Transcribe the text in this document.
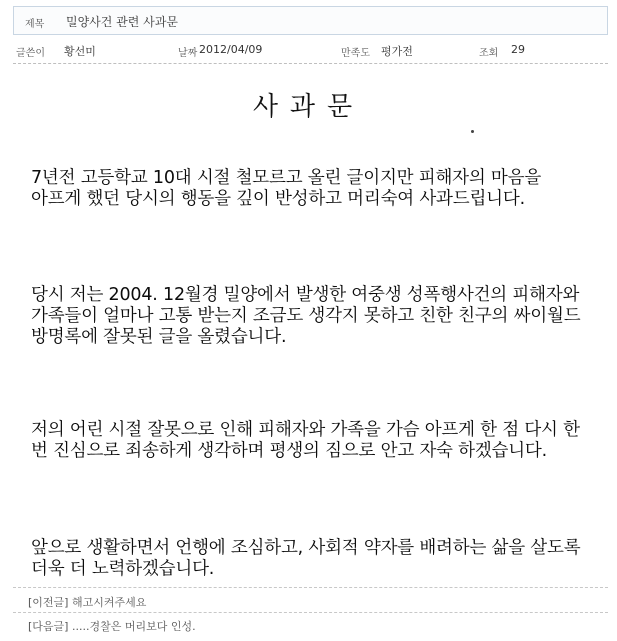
제목 밀양사건 관련 사과문
글쓴이 황선미	날짜 2012/04/09	만족도 평가전	조회 29
사과문

7년전 고등학교 10대 시절 철모르고 올린 글이지만 피해자의 마음을 아프게 했던 당시의 행동을 깊이 반성하고 머리숙여 사과드립니다.

당시 저는 2004. 12월경 밀양에서 발생한 여중생 성폭행사건의 피해자와 가족들이 얼마나 고통 받는지 조금도 생각지 못하고 친한 친구의 싸이월드 방명록에 잘못된 글을 올렸습니다.

저의 어린 시절 잘못으로 인해 피해자와 가족을 가슴 아프게 한 점 다시 한 번 진심으로 죄송하게 생각하며 평생의 짐으로 안고 자숙 하겠습니다.

앞으로 생활하면서 언행에 조심하고, 사회적 약자를 배려하는 삶을 살도록 더욱 더 노력하겠습니다.

[이전글] 해고시켜주세요
[다음글] .....경찰은 머리보다 인성.
